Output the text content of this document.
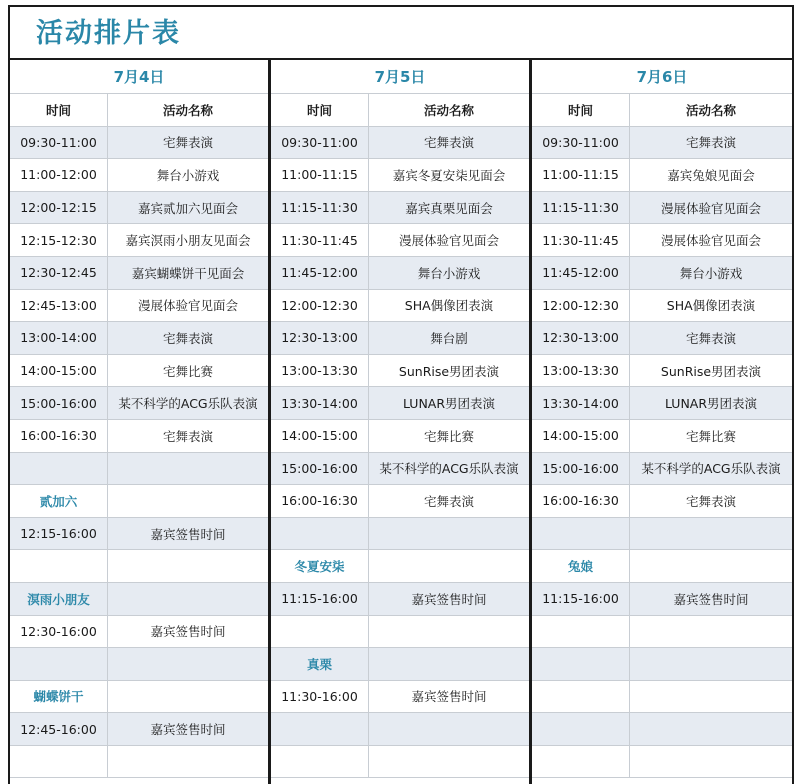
活动排片表
7月4日
时间	活动名称
09:30-11:00	宅舞表演
11:00-12:00	舞台小游戏
12:00-12:15	嘉宾贰加六见面会
12:15-12:30	嘉宾溟雨小朋友见面会
12:30-12:45	嘉宾蝴蝶饼干见面会
12:45-13:00	漫展体验官见面会
13:00-14:00	宅舞表演
14:00-15:00	宅舞比赛
15:00-16:00	某不科学的ACG乐队表演
16:00-16:30	宅舞表演
贰加六
12:15-16:00	嘉宾签售时间
溟雨小朋友
12:30-16:00	嘉宾签售时间
蝴蝶饼干
12:45-16:00	嘉宾签售时间
7月5日
时间	活动名称
09:30-11:00	宅舞表演
11:00-11:15	嘉宾冬夏安柒见面会
11:15-11:30	嘉宾真栗见面会
11:30-11:45	漫展体验官见面会
11:45-12:00	舞台小游戏
12:00-12:30	SHA偶像团表演
12:30-13:00	舞台剧
13:00-13:30	SunRise男团表演
13:30-14:00	LUNAR男团表演
14:00-15:00	宅舞比赛
15:00-16:00	某不科学的ACG乐队表演
16:00-16:30	宅舞表演
冬夏安柒
11:15-16:00	嘉宾签售时间
真栗
11:30-16:00	嘉宾签售时间
7月6日
时间	活动名称
09:30-11:00	宅舞表演
11:00-11:15	嘉宾兔娘见面会
11:15-11:30	漫展体验官见面会
11:30-11:45	漫展体验官见面会
11:45-12:00	舞台小游戏
12:00-12:30	SHA偶像团表演
12:30-13:00	宅舞表演
13:00-13:30	SunRise男团表演
13:30-14:00	LUNAR男团表演
14:00-15:00	宅舞比赛
15:00-16:00	某不科学的ACG乐队表演
16:00-16:30	宅舞表演
兔娘
11:15-16:00	嘉宾签售时间
